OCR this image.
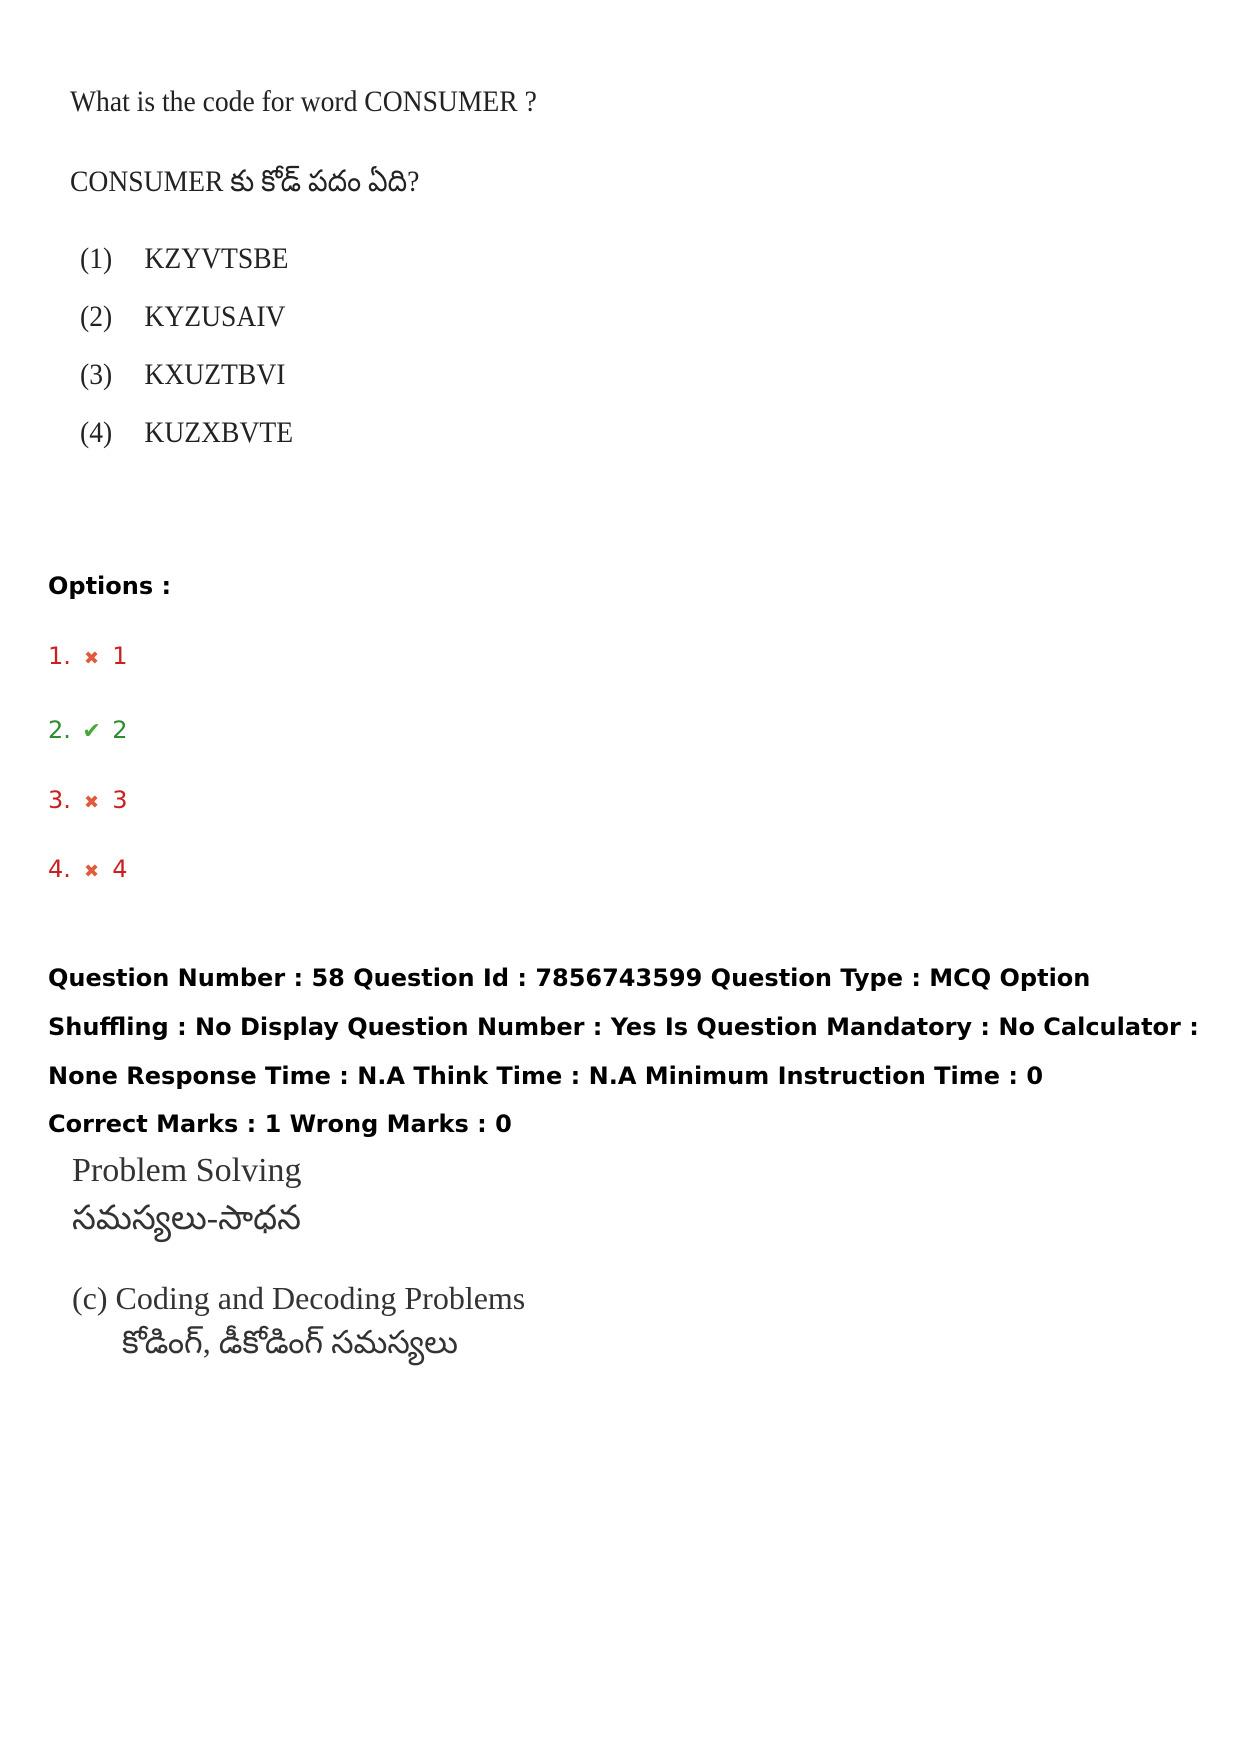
What is the code for word CONSUMER ?
CONSUMER కు కోడ్ పదం ఏది?
(1) KZYVTSBE
(2) KYZUSAIV
(3) KXUZTBVI
(4) KUZXBVTE
Options :
1. ✖ 1
2. ✔ 2
3. ✖ 3
4. ✖ 4
Question Number : 58 Question Id : 7856743599 Question Type : MCQ Option Shuffling : No Display Question Number : Yes Is Question Mandatory : No Calculator : None Response Time : N.A Think Time : N.A Minimum Instruction Time : 0
Correct Marks : 1 Wrong Marks : 0
Problem Solving
సమస్యలు-సాధన
(c) Coding and Decoding Problems
కోడింగ్, డీకోడింగ్ సమస్యలు
